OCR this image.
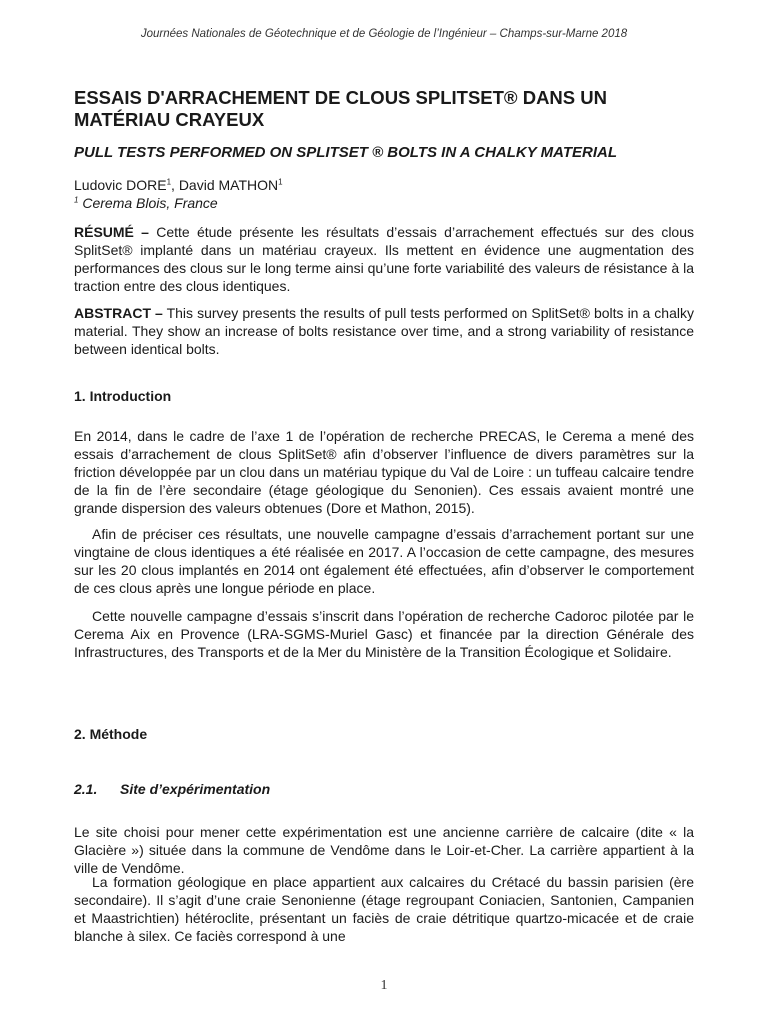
Journées Nationales de Géotechnique et de Géologie de l’Ingénieur – Champs-sur-Marne 2018
ESSAIS D'ARRACHEMENT DE CLOUS SPLITSET® DANS UN MATÉRIAU CRAYEUX
PULL TESTS PERFORMED ON SPLITSET ® BOLTS IN A CHALKY MATERIAL
Ludovic DORE$^1$, David MATHON$^1$
$^1$ Cerema Blois, France

RÉSUMÉ – Cette étude présente les résultats d’essais d’arrachement effectués sur des clous SplitSet® implanté dans un matériau crayeux. Ils mettent en évidence une augmentation des performances des clous sur le long terme ainsi qu’une forte variabilité des valeurs de résistance à la traction entre des clous identiques.

ABSTRACT – This survey presents the results of pull tests performed on SplitSet® bolts in a chalky material. They show an increase of bolts resistance over time, and a strong variability of resistance between identical bolts.

1. Introduction

En 2014, dans le cadre de l’axe 1 de l’opération de recherche PRECAS, le Cerema a mené des essais d’arrachement de clous SplitSet® afin d’observer l’influence de divers paramètres sur la friction développée par un clou dans un matériau typique du Val de Loire : un tuffeau calcaire tendre de la fin de l’ère secondaire (étage géologique du Senonien). Ces essais avaient montré une grande dispersion des valeurs obtenues (Dore et Mathon, 2015).

Afin de préciser ces résultats, une nouvelle campagne d’essais d’arrachement portant sur une vingtaine de clous identiques a été réalisée en 2017. A l’occasion de cette campagne, des mesures sur les 20 clous implantés en 2014 ont également été effectuées, afin d’observer le comportement de ces clous après une longue période en place.

Cette nouvelle campagne d’essais s’inscrit dans l’opération de recherche Cadoroc pilotée par le Cerema Aix en Provence (LRA-SGMS-Muriel Gasc) et financée par la direction Générale des Infrastructures, des Transports et de la Mer du Ministère de la Transition Écologique et Solidaire.

2. Méthode
2.1. Site d’expérimentation

Le site choisi pour mener cette expérimentation est une ancienne carrière de calcaire (dite « la Glacière ») située dans la commune de Vendôme dans le Loir-et-Cher. La carrière appartient à la ville de Vendôme.

La formation géologique en place appartient aux calcaires du Crétacé du bassin parisien (ère secondaire). Il s’agit d’une craie Senonienne (étage regroupant Coniacien, Santonien, Campanien et Maastrichtien) hétéroclite, présentant un faciès de craie détritique quartzo-micacée et de craie blanche à silex. Ce faciès correspond à une

1
